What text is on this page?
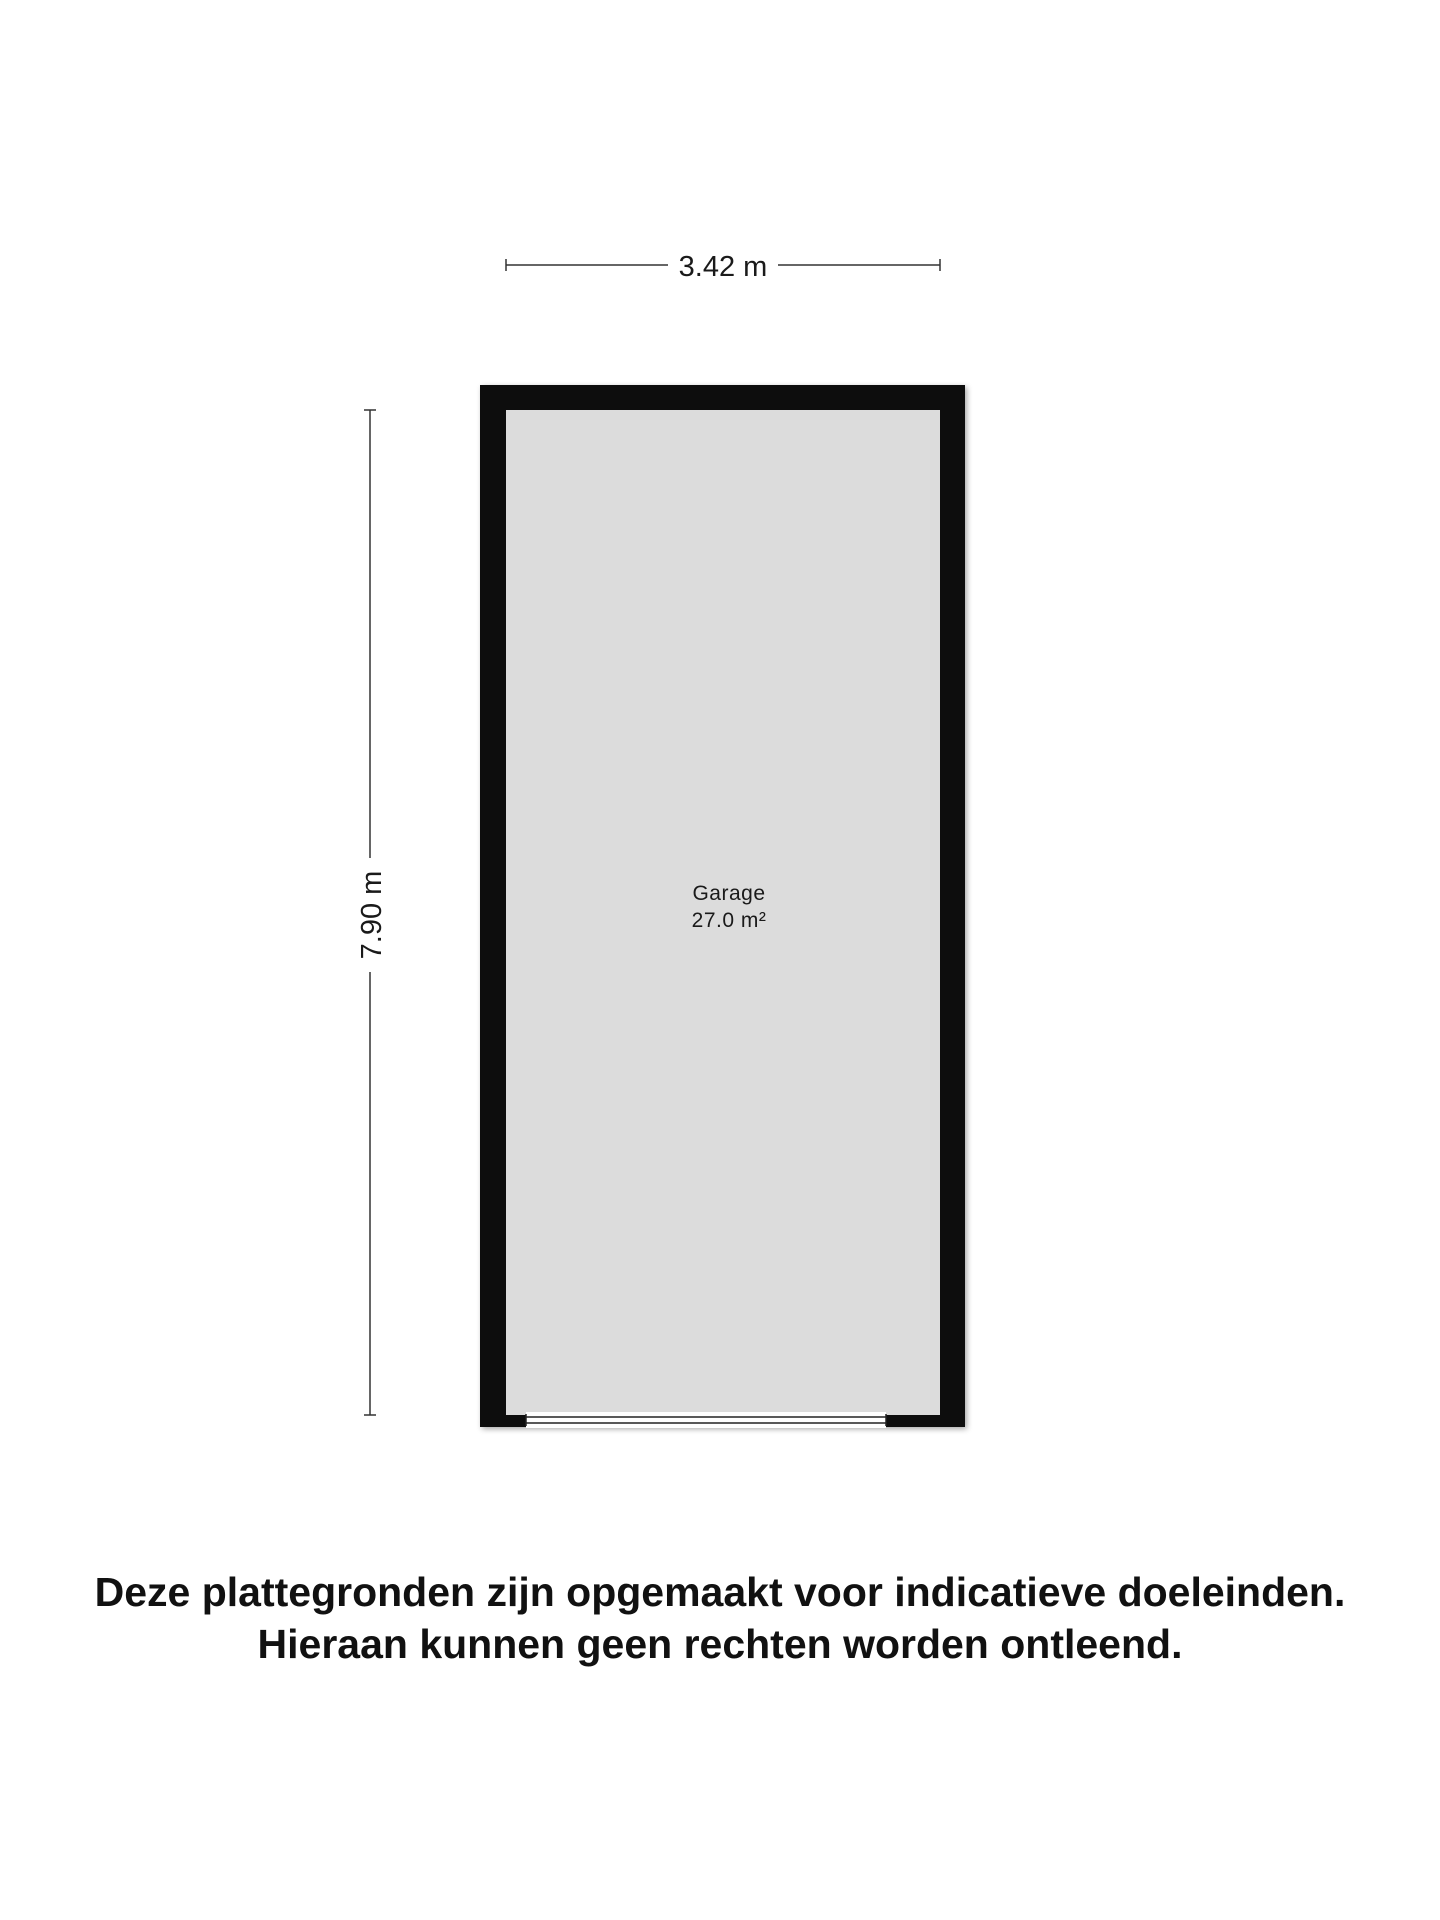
3.42 m
7.90 m	Garage
27.0 m²
Deze plattegronden zijn opgemaakt voor indicatieve doeleinden.
Hieraan kunnen geen rechten worden ontleend.
